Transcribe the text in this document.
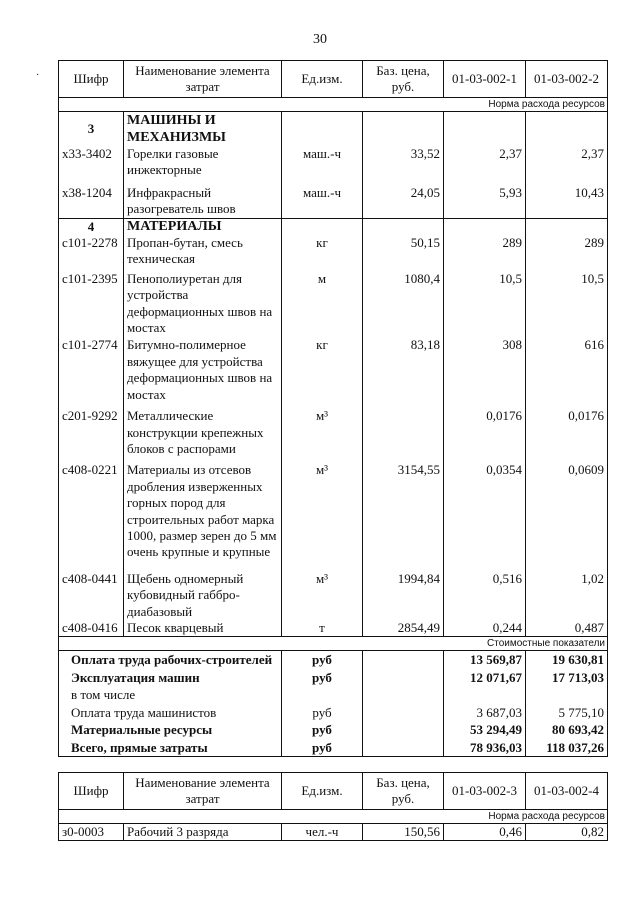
30
·	Шифр	Наименование элемента затрат	Ед.изм.	Баз. цена, руб.	01-03-002-1	01-03-002-2
Норма расхода ресурсов					
3	МАШИНЫ И МЕХАНИЗМЫ				
х33-3402	Горелки газовые инжекторные	маш.-ч	33,52	2,37	2,37
х38-1204	Инфракрасный разогреватель швов	маш.-ч	24,05	5,93	10,43
4	МАТЕРИАЛЫ				
с101-2278	Пропан-бутан, смесь техническая	кг	50,15	289	289
с101-2395	Пенополиуретан для устройства деформационных швов на мостах	м	1080,4	10,5	10,5
с101-2774	Битумно-полимерное вяжущее для устройства деформационных швов на мостах	кг	83,18	308	616
с201-9292	Металлические конструкции крепежных блоков с распорами	м³		0,0176	0,0176
с408-0221	Материалы из отсевов дробления изверженных горных пород для строительных работ марка 1000, размер зерен до 5 мм очень крупные и крупные	м³	3154,55	0,0354	0,0609
с408-0441	Щебень одномерный кубовидный габбро-диабазовый	м³	1994,84	0,516	1,02
с408-0416	Песок кварцевый	т	2854,49	0,244	0,487
Стоимостные показатели					
Оплата труда рабочих-строителей		руб		13 569,87	19 630,81
Эксплуатация машин		руб		12 071,67	17 713,03
в том числе					
Оплата труда машинистов		руб		3 687,03	5 775,10
Материальные ресурсы		руб		53 294,49	80 693,42
Всего, прямые затраты		руб		78 936,03	118 037,26
Шифр	Наименование элемента затрат	Ед.изм.	Баз. цена, руб.	01-03-002-3	01-03-002-4
Норма расхода ресурсов					
з0-0003	Рабочий 3 разряда	чел.-ч	150,56	0,46	0,82
